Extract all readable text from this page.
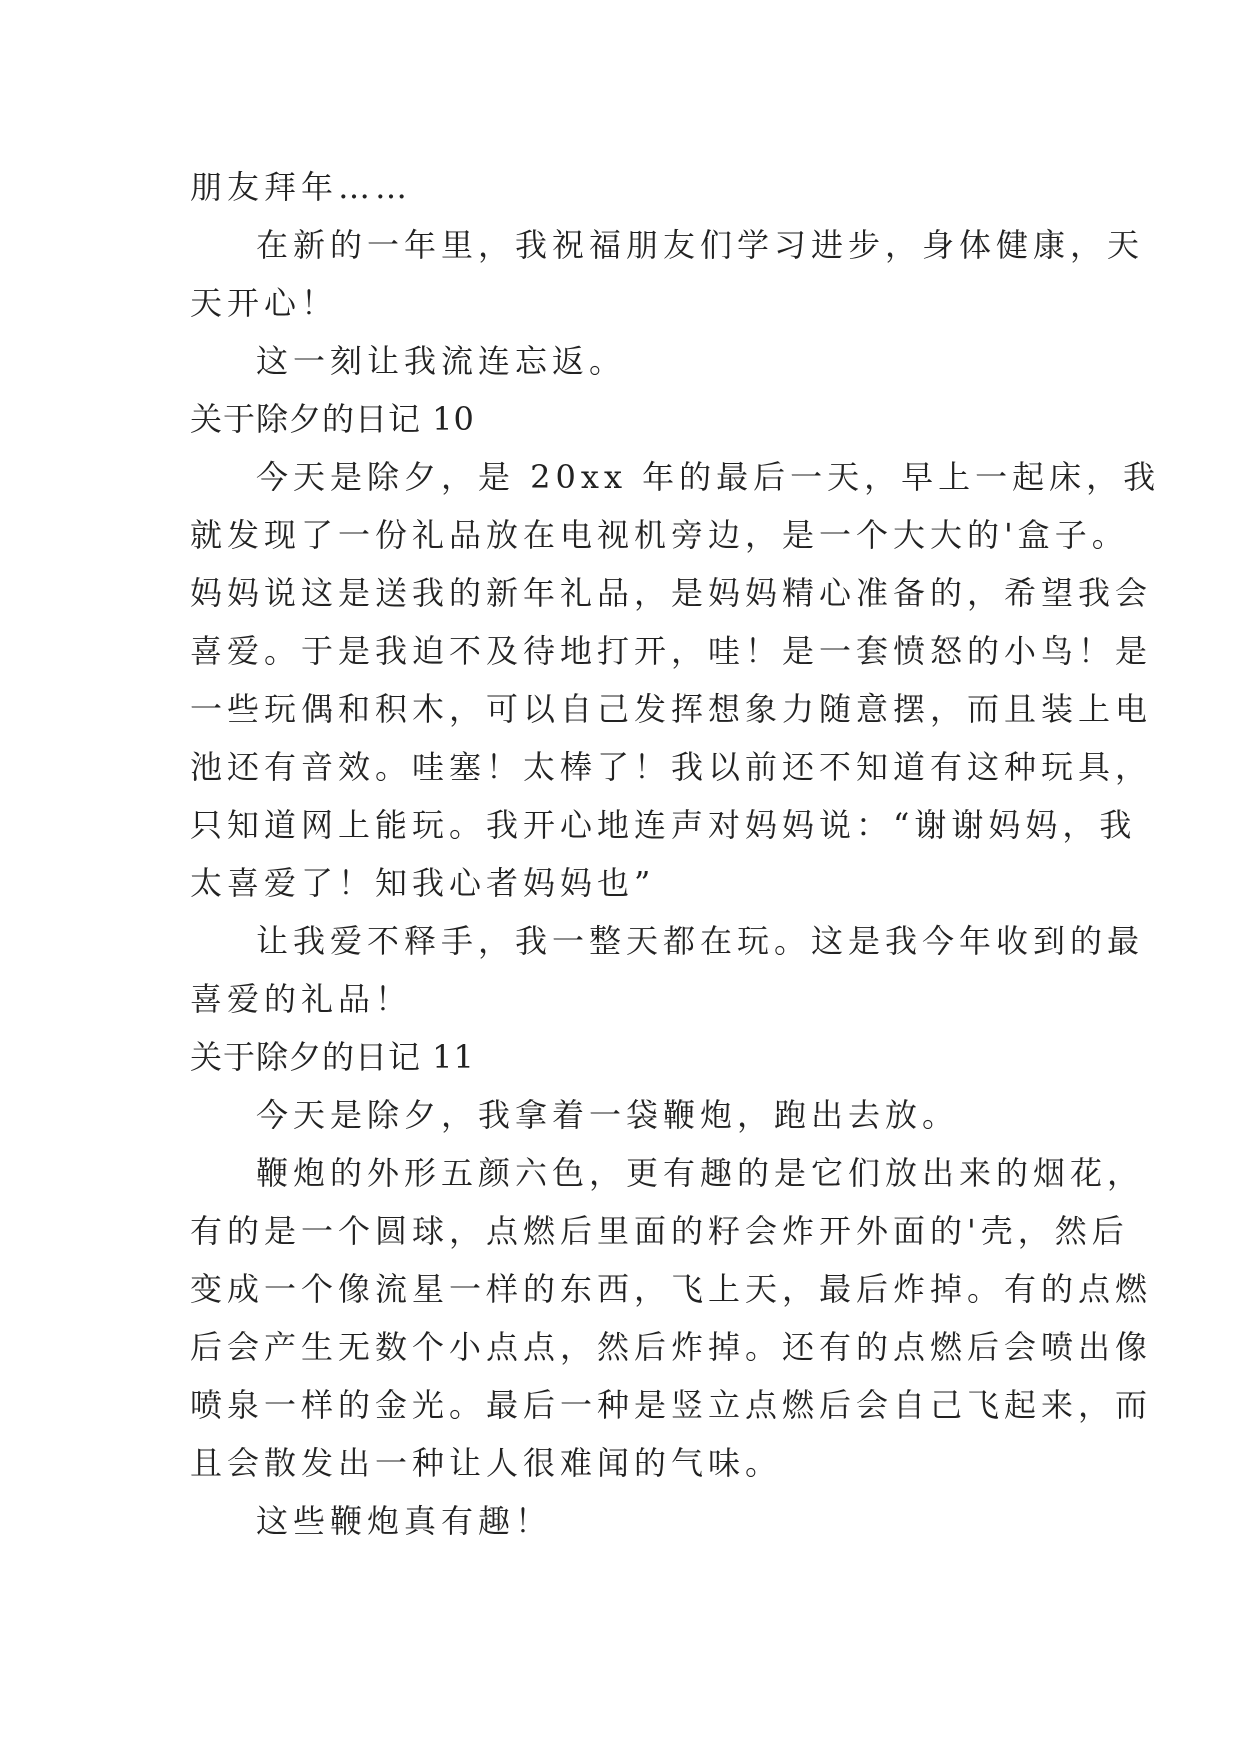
朋友拜年……
在新的一年里，我祝福朋友们学习进步，身体健康，天
天开心！
这一刻让我流连忘返。
关于除夕的日记 10
今天是除夕，是 20xx 年的最后一天，早上一起床，我
就发现了一份礼品放在电视机旁边，是一个大大的'盒子。
妈妈说这是送我的新年礼品，是妈妈精心准备的，希望我会
喜爱。于是我迫不及待地打开，哇！是一套愤怒的小鸟！是
一些玩偶和积木，可以自己发挥想象力随意摆，而且装上电
池还有音效。哇塞！太棒了！我以前还不知道有这种玩具，
只知道网上能玩。我开心地连声对妈妈说：“谢谢妈妈，我
太喜爱了！知我心者妈妈也”
让我爱不释手，我一整天都在玩。这是我今年收到的最
喜爱的礼品！
关于除夕的日记 11
今天是除夕，我拿着一袋鞭炮，跑出去放。
鞭炮的外形五颜六色，更有趣的是它们放出来的烟花，
有的是一个圆球，点燃后里面的籽会炸开外面的'壳，然后
变成一个像流星一样的东西，飞上天，最后炸掉。有的点燃
后会产生无数个小点点，然后炸掉。还有的点燃后会喷出像
喷泉一样的金光。最后一种是竖立点燃后会自己飞起来，而
且会散发出一种让人很难闻的气味。
这些鞭炮真有趣！
